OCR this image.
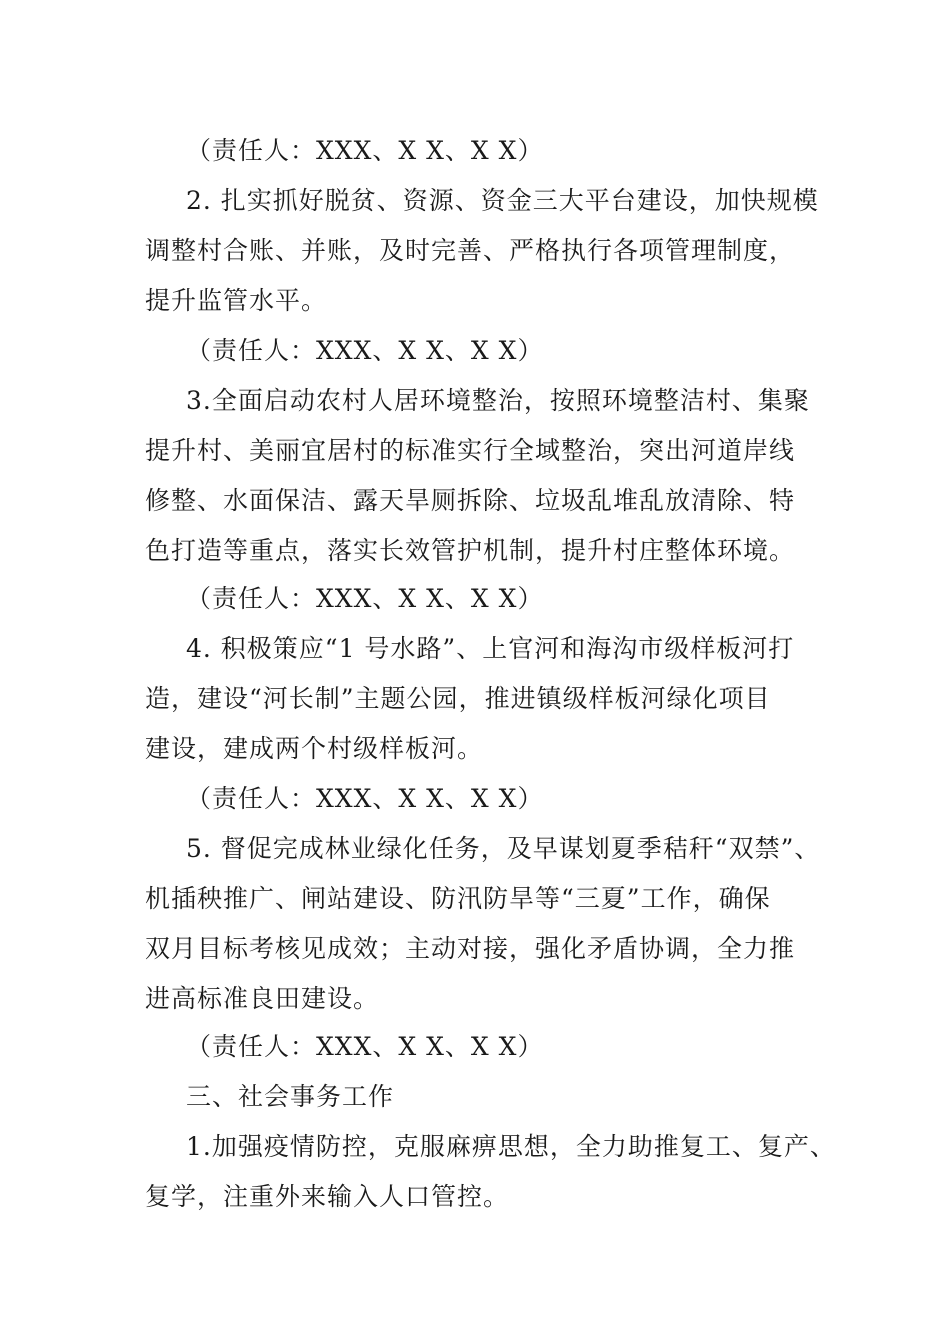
（责任人：XXX、X X、X X）
2. 扎实抓好脱贫、资源、资金三大平台建设，加快规模
调整村合账、并账，及时完善、严格执行各项管理制度，
提升监管水平。
（责任人：XXX、X X、X X）
3.全面启动农村人居环境整治，按照环境整洁村、集聚
提升村、美丽宜居村的标准实行全域整治，突出河道岸线
修整、水面保洁、露天旱厕拆除、垃圾乱堆乱放清除、特
色打造等重点，落实长效管护机制，提升村庄整体环境。
（责任人：XXX、X X、X X）
4. 积极策应“1 号水路”、上官河和海沟市级样板河打
造，建设“河长制”主题公园，推进镇级样板河绿化项目
建设，建成两个村级样板河。
（责任人：XXX、X X、X X）
5. 督促完成林业绿化任务，及早谋划夏季秸秆“双禁”、
机插秧推广、闸站建设、防汛防旱等“三夏”工作，确保
双月目标考核见成效；主动对接，强化矛盾协调，全力推
进高标准良田建设。
（责任人：XXX、X X、X X）
三、社会事务工作
1.加强疫情防控，克服麻痹思想，全力助推复工、复产、
复学，注重外来输入人口管控。
